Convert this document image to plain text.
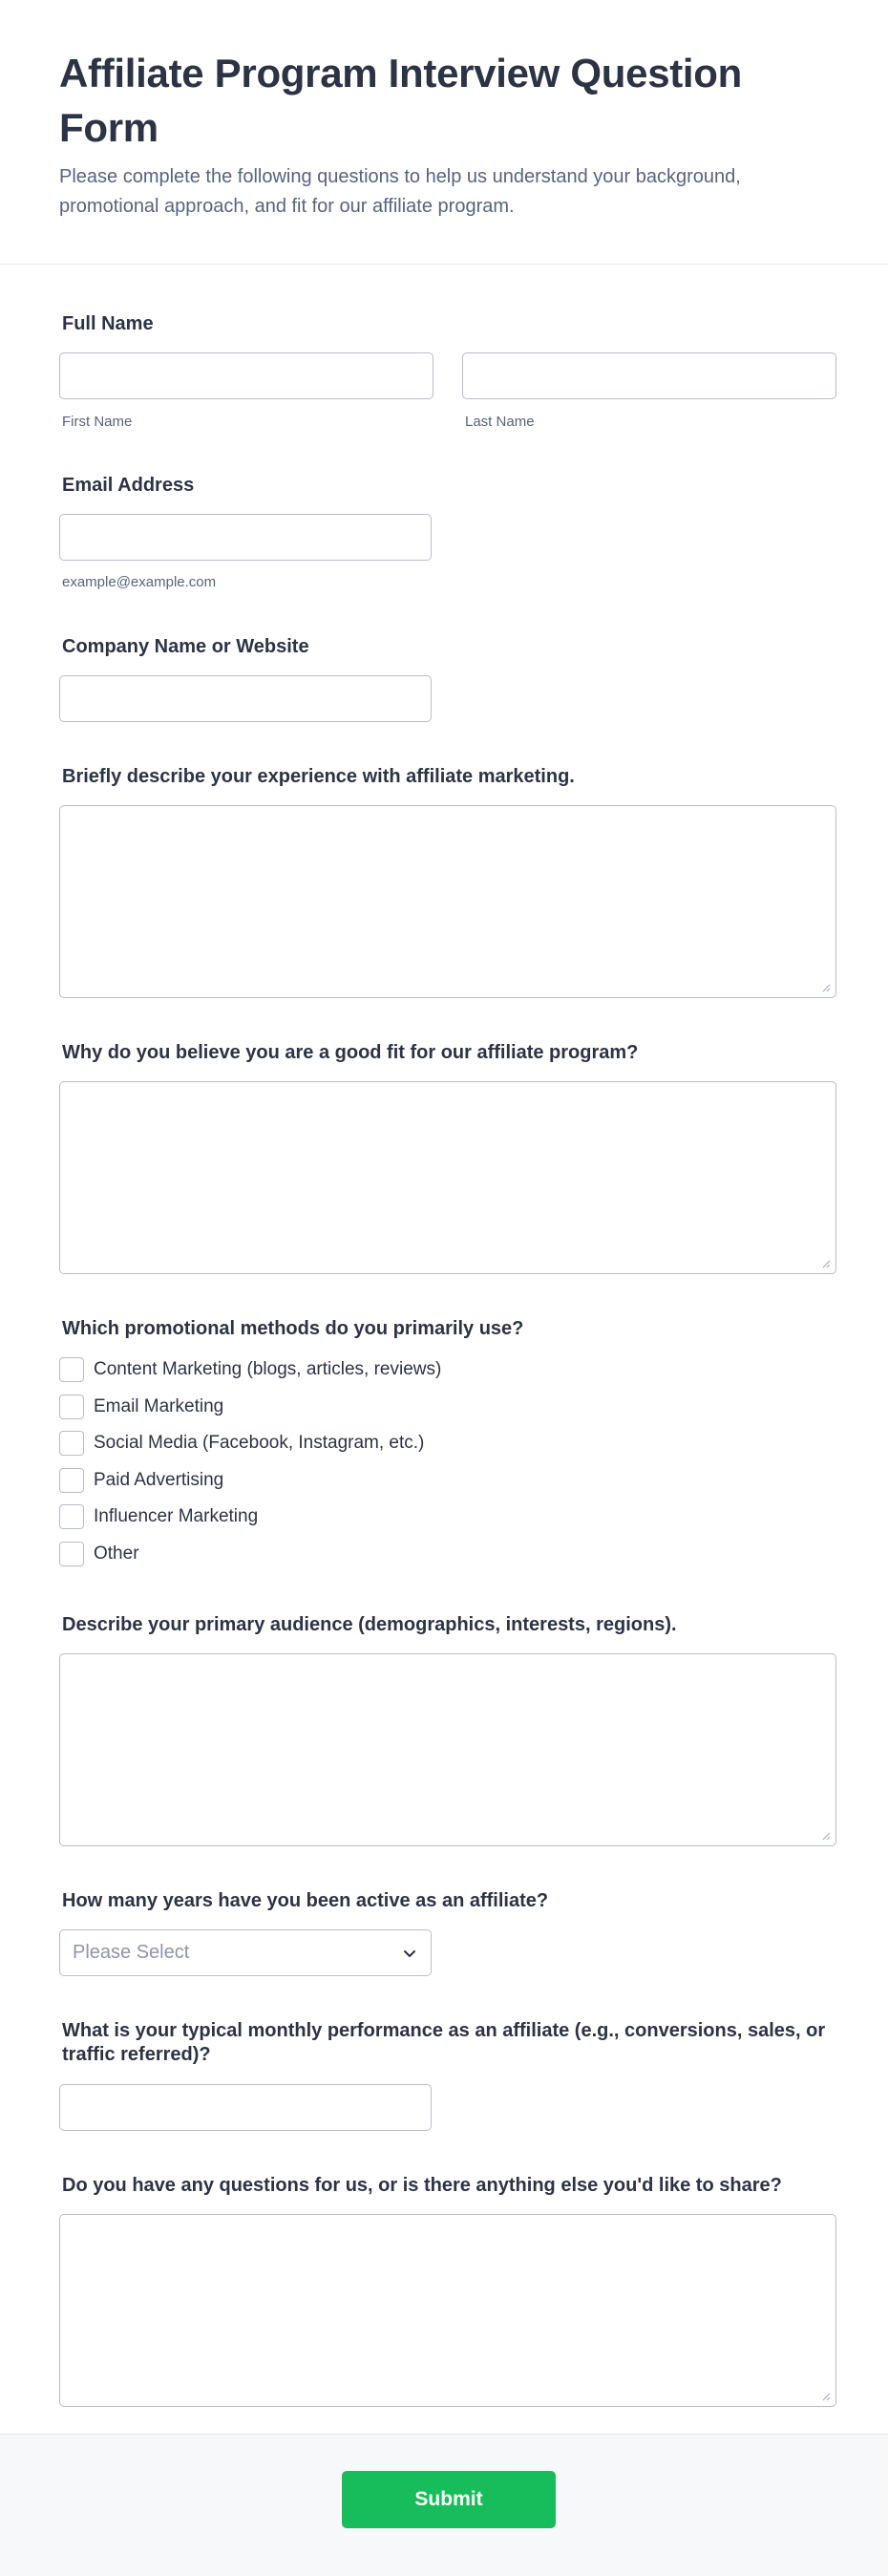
Affiliate Program Interview Question Form

Please complete the following questions to help us understand your background, promotional approach, and fit for our affiliate program.

Full Name
First Name	Last Name
Email Address
example@example.com
Company Name or Website
Briefly describe your experience with affiliate marketing.
Why do you believe you are a good fit for our affiliate program?
Which promotional methods do you primarily use?
Content Marketing (blogs, articles, reviews)
Email Marketing
Social Media (Facebook, Instagram, etc.)
Paid Advertising
Influencer Marketing
Other
Describe your primary audience (demographics, interests, regions).
How many years have you been active as an affiliate?
Please Select
What is your typical monthly performance as an affiliate (e.g., conversions, sales, or traffic referred)?
Do you have any questions for us, or is there anything else you'd like to share?
Submit
